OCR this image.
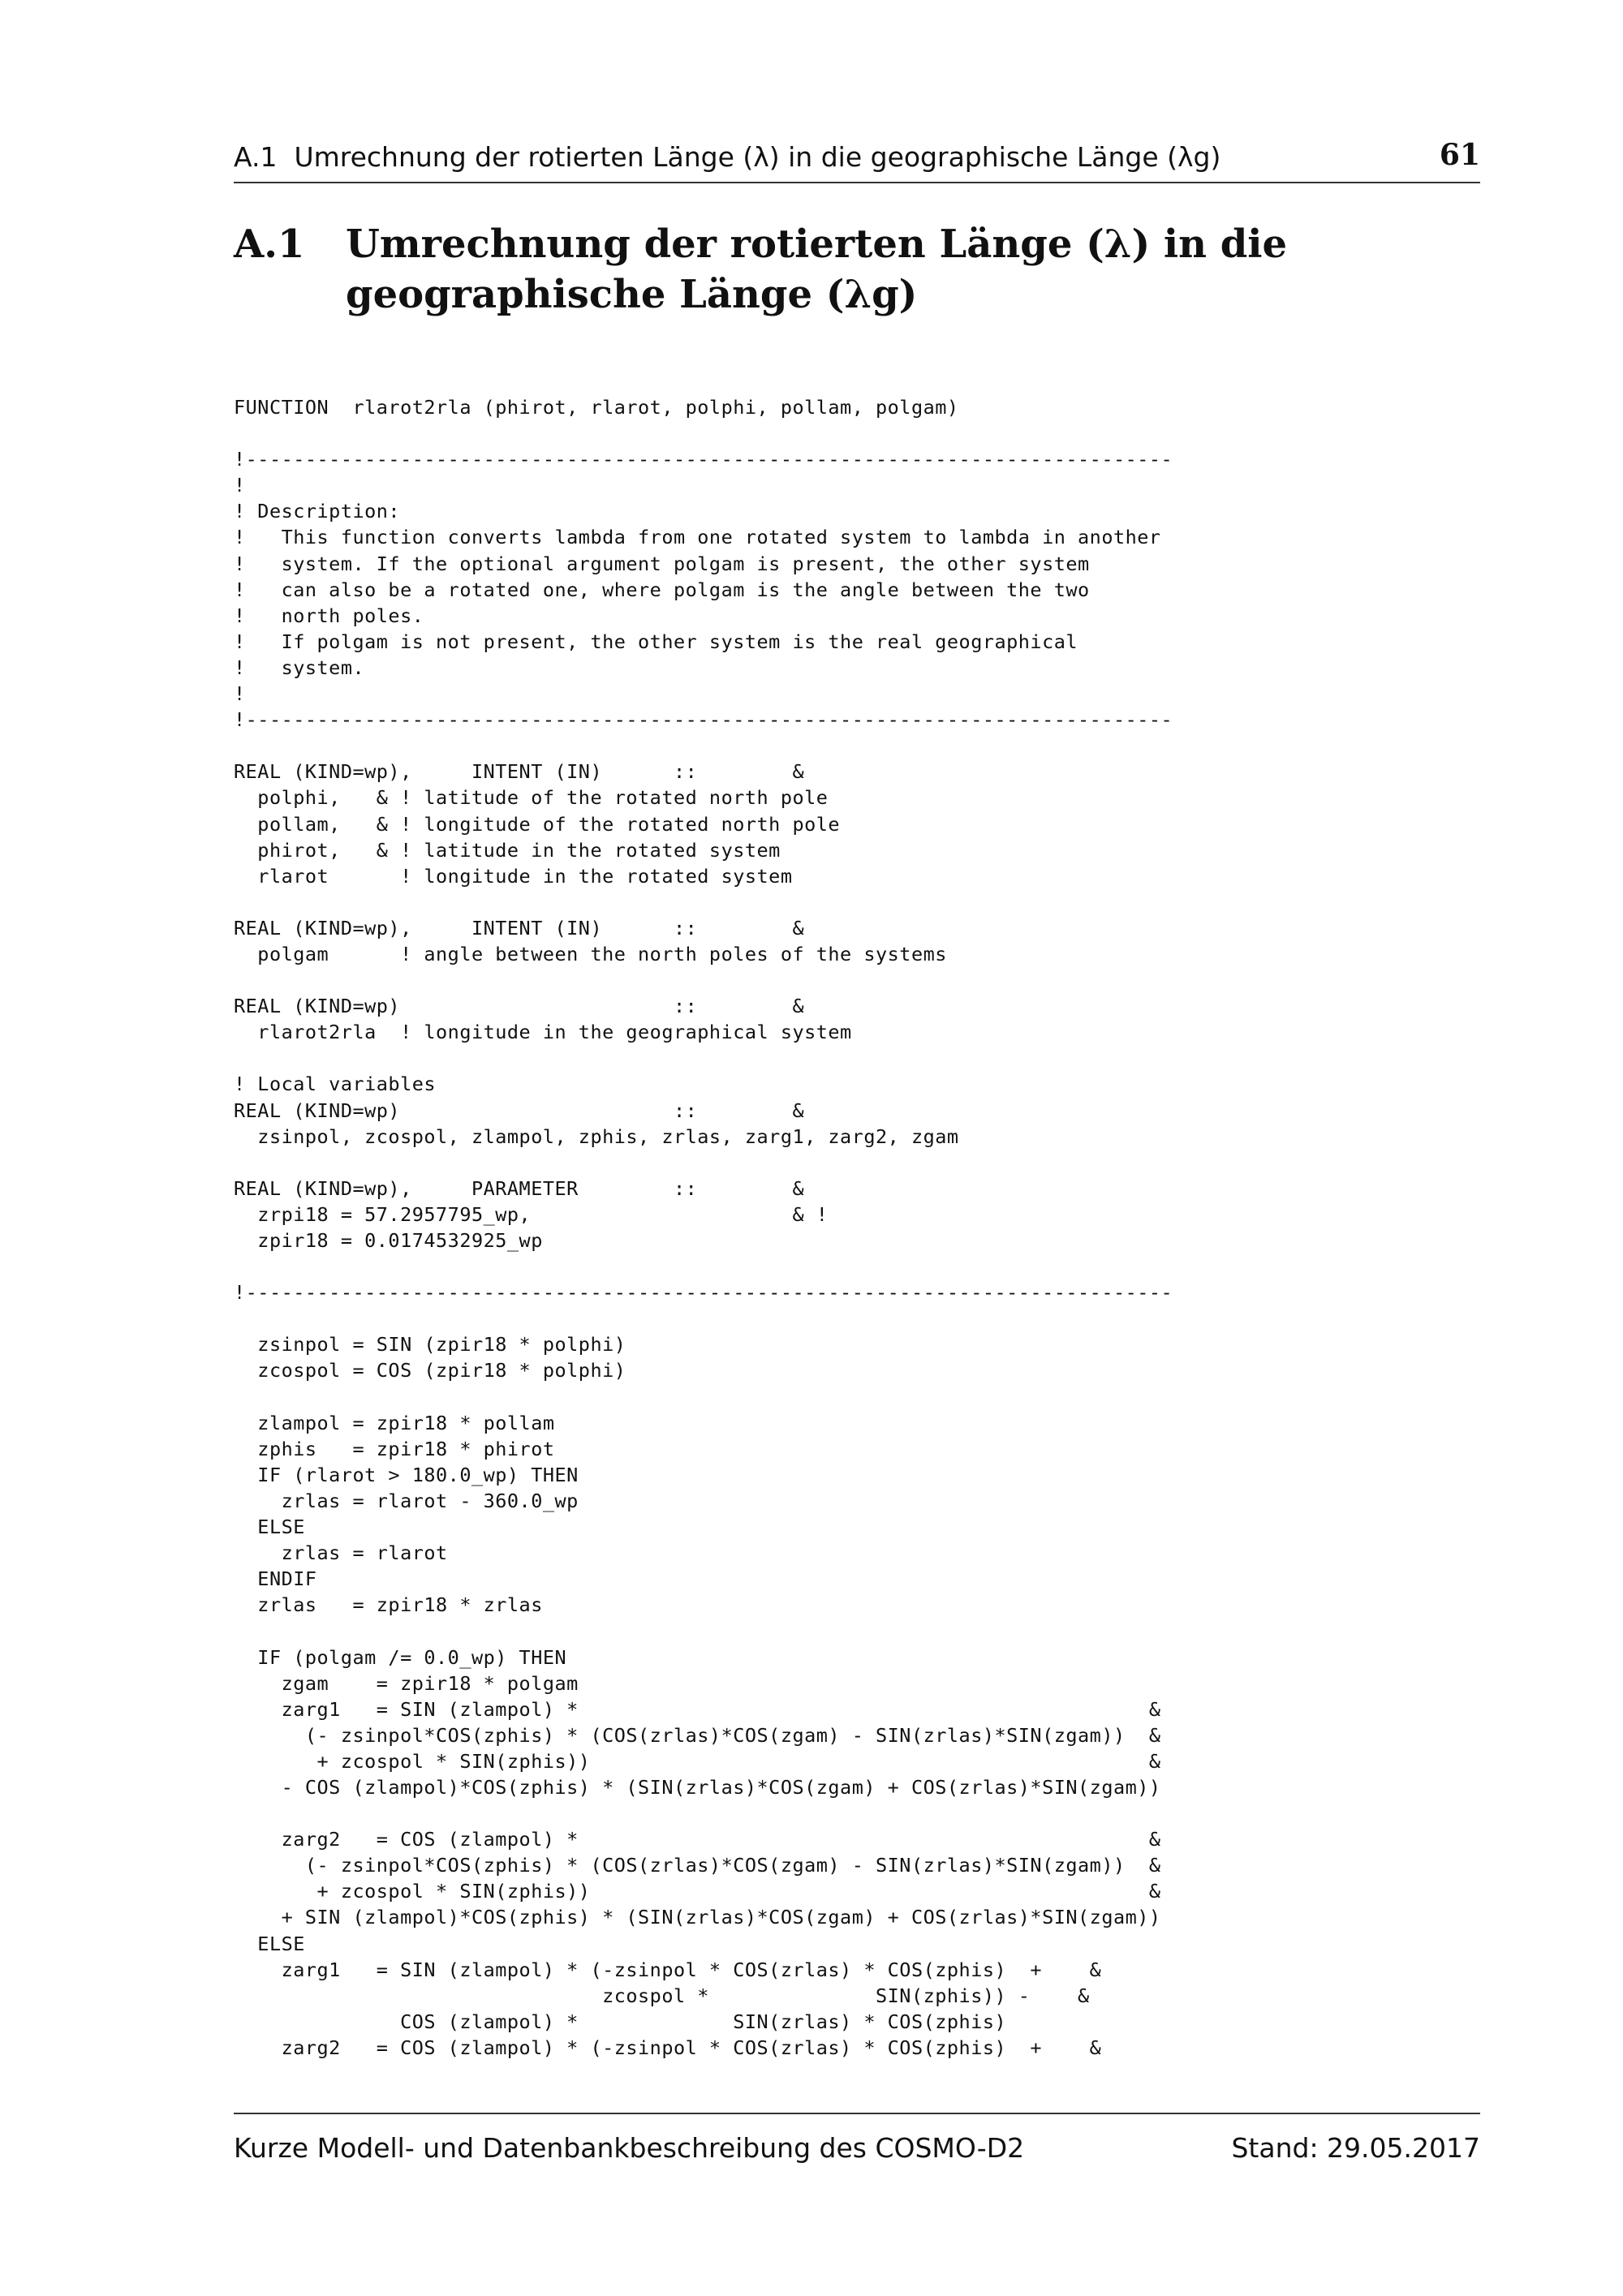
A.1  Umrechnung der rotierten Länge (λ) in die geographische Länge (λg)	61
A.1 Umrechnung der rotierten Länge (λ) in die geographische Länge (λg)
FUNCTION  rlarot2rla (phirot, rlarot, polphi, pollam, polgam)

!------------------------------------------------------------------------------
!
! Description:
!   This function converts lambda from one rotated system to lambda in another
!   system. If the optional argument polgam is present, the other system
!   can also be a rotated one, where polgam is the angle between the two
!   north poles.
!   If polgam is not present, the other system is the real geographical
!   system.
!
!------------------------------------------------------------------------------

REAL (KIND=wp),     INTENT (IN)      ::        &
polphi,   & ! latitude of the rotated north pole
pollam,   & ! longitude of the rotated north pole
phirot,   & ! latitude in the rotated system
rlarot      ! longitude in the rotated system

REAL (KIND=wp),     INTENT (IN)      ::        &
polgam      ! angle between the north poles of the systems

REAL (KIND=wp)                       ::        &
rlarot2rla  ! longitude in the geographical system

! Local variables
REAL (KIND=wp)                       ::        &
zsinpol, zcospol, zlampol, zphis, zrlas, zarg1, zarg2, zgam

REAL (KIND=wp),     PARAMETER        ::        &
zrpi18 = 57.2957795_wp,                      & !
zpir18 = 0.0174532925_wp

!------------------------------------------------------------------------------

zsinpol = SIN (zpir18 * polphi)
zcospol = COS (zpir18 * polphi)

zlampol = zpir18 * pollam
zphis   = zpir18 * phirot
IF (rlarot > 180.0_wp) THEN
zrlas = rlarot - 360.0_wp
ELSE
zrlas = rlarot
ENDIF
zrlas   = zpir18 * zrlas

IF (polgam /= 0.0_wp) THEN
zgam    = zpir18 * polgam
zarg1   = SIN (zlampol) *                                                &
(- zsinpol*COS(zphis) * (COS(zrlas)*COS(zgam) - SIN(zrlas)*SIN(zgam))  &
+ zcospol * SIN(zphis))                                               &
- COS (zlampol)*COS(zphis) * (SIN(zrlas)*COS(zgam) + COS(zrlas)*SIN(zgam))

zarg2   = COS (zlampol) *                                                &
(- zsinpol*COS(zphis) * (COS(zrlas)*COS(zgam) - SIN(zrlas)*SIN(zgam))  &
+ zcospol * SIN(zphis))                                               &
+ SIN (zlampol)*COS(zphis) * (SIN(zrlas)*COS(zgam) + COS(zrlas)*SIN(zgam))
ELSE
zarg1   = SIN (zlampol) * (-zsinpol * COS(zrlas) * COS(zphis)  +    &
zcospol *              SIN(zphis)) -    &
COS (zlampol) *             SIN(zrlas) * COS(zphis)
zarg2   = COS (zlampol) * (-zsinpol * COS(zrlas) * COS(zphis)  +    &

Kurze Modell- und Datenbankbeschreibung des COSMO-D2	Stand: 29.05.2017
